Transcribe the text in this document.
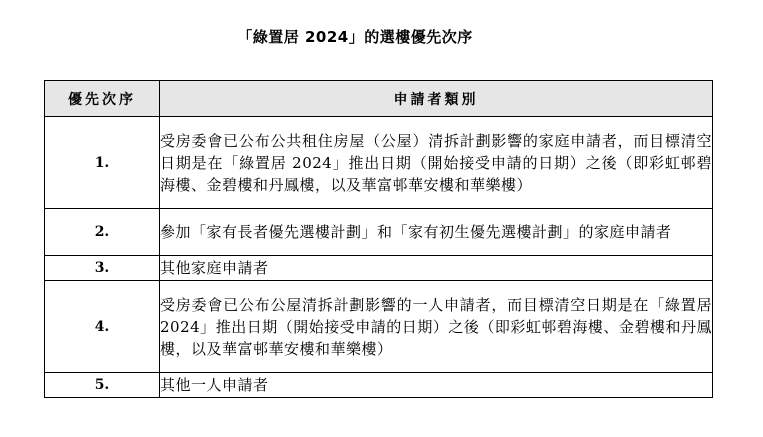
「綠置居 2024」的選樓優先次序
優先次序	申請者類別
1.	受房委會已公布公共租住房屋（公屋）清拆計劃影響的家庭申請者，而目標清空日期是在「綠置居 2024」推出日期（開始接受申請的日期）之後（即彩虹邨碧海樓、金碧樓和丹鳳樓，以及華富邨華安樓和華樂樓）
2.	參加「家有長者優先選樓計劃」和「家有初生優先選樓計劃」的家庭申請者
3.	其他家庭申請者
4.	受房委會已公布公屋清拆計劃影響的一人申請者，而目標清空日期是在「綠置居 2024」推出日期（開始接受申請的日期）之後（即彩虹邨碧海樓、金碧樓和丹鳳樓，以及華富邨華安樓和華樂樓）
5.	其他一人申請者
